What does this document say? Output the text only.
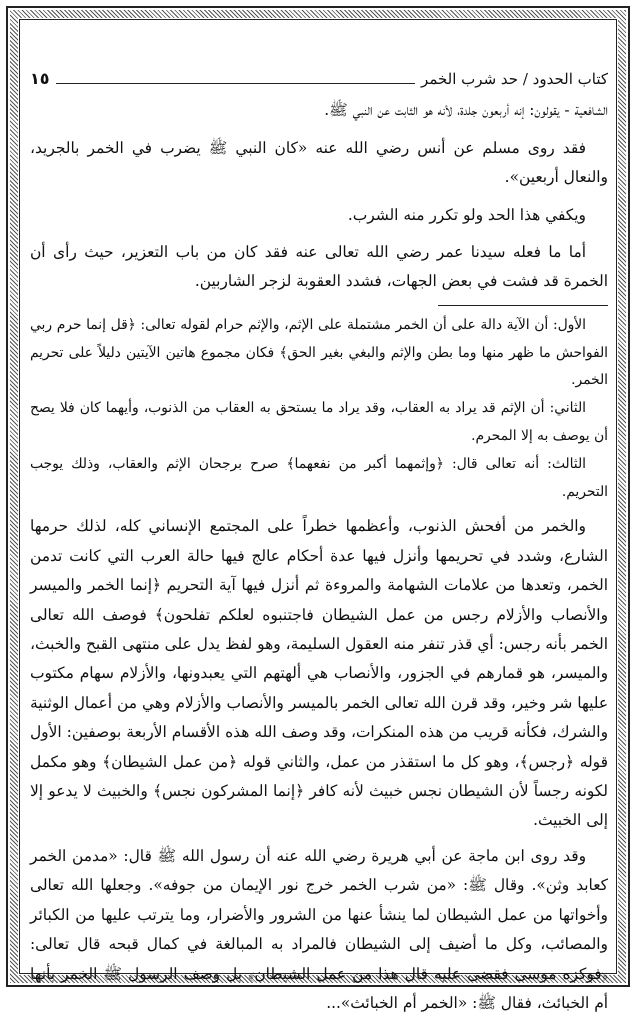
كتاب الحدود / حد شرب الخمر
١٥

الشافعية - يقولون: إنه أربعون جلدة، لأنه هو الثابت عن النبي ﷺ.

فقد روى مسلم عن أنس رضي الله عنه «كان النبي ﷺ يضرب في الخمر بالجريد، والنعال أربعين».

ويكفي هذا الحد ولو تكرر منه الشرب.

أما ما فعله سيدنا عمر رضي الله تعالى عنه فقد كان من باب التعزير، حيث رأى أن الخمرة قد فشت في بعض الجهات، فشدد العقوبة لزجر الشاربين.

الأول: أن الآية دالة على أن الخمر مشتملة على الإثم، والإثم حرام لقوله تعالى: ﴿قل إنما حرم ربي الفواحش ما ظهر منها وما بطن والإثم والبغي بغير الحق﴾ فكان مجموع هاتين الآيتين دليلاً على تحريم الخمر.

الثاني: أن الإثم قد يراد به العقاب، وقد يراد ما يستحق به العقاب من الذنوب، وأيهما كان فلا يصح أن يوصف به إلا المحرم.

الثالث: أنه تعالى قال: ﴿وإثمهما أكبر من نفعهما﴾ صرح برجحان الإثم والعقاب، وذلك يوجب التحريم.

والخمر من أفحش الذنوب، وأعظمها خطراً على المجتمع الإنساني كله، لذلك حرمها الشارع، وشدد في تحريمها وأنزل فيها عدة أحكام عالج فيها حالة العرب التي كانت تدمن الخمر، وتعدها من علامات الشهامة والمروءة ثم أنزل فيها آية التحريم ﴿إنما الخمر والميسر والأنصاب والأزلام رجس من عمل الشيطان فاجتنبوه لعلكم تفلحون﴾ فوصف الله تعالى الخمر بأنه رجس: أي قذر تنفر منه العقول السليمة، وهو لفظ يدل على منتهى القبح والخبث، والميسر، هو قمارهم في الجزور، والأنصاب هي ألهتهم التي يعبدونها، والأزلام سهام مكتوب عليها شر وخير، وقد قرن الله تعالى الخمر بالميسر والأنصاب والأزلام وهي من أعمال الوثنية والشرك، فكأنه قريب من هذه المنكرات، وقد وصف الله هذه الأقسام الأربعة بوصفين: الأول قوله ﴿رجس﴾، وهو كل ما استقذر من عمل، والثاني قوله ﴿من عمل الشيطان﴾ وهو مكمل لكونه رجساً لأن الشيطان نجس خبيث لأنه كافر ﴿إنما المشركون نجس﴾ والخبيث لا يدعو إلا إلى الخبيث.

وقد روى ابن ماجة عن أبي هريرة رضي الله عنه أن رسول الله ﷺ قال: «مدمن الخمر كعابد وثن». وقال ﷺ: «من شرب الخمر خرج نور الإيمان من جوفه». وجعلها الله تعالى وأخواتها من عمل الشيطان لما ينشأ عنها من الشرور والأضرار، وما يترتب عليها من الكبائر والمصائب، وكل ما أضيف إلى الشيطان فالمراد به المبالغة في كمال قبحه قال تعالى: ﴿فوكزه موسى فقضى عليه قال هذا من عمل الشيطان﴾ بل وصف الرسول ﷺ الخمر بأنها أم الخبائث، فقال ﷺ: «الخمر أم الخبائث»...
